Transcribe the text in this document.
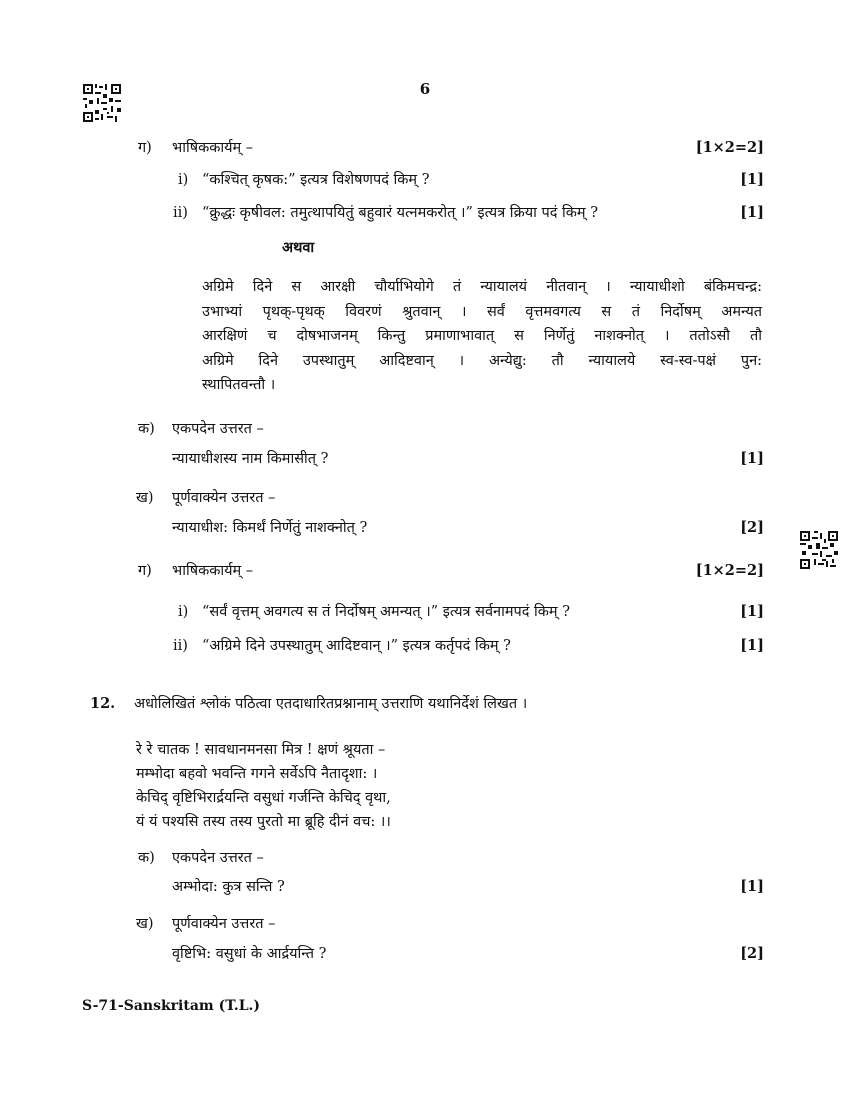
6
ग) भाषिककार्यम् –	[1×2=2]
i) “कश्चित् कृषक:” इत्यत्र विशेषणपदं किम् ?	[1]
ii) “क्रुद्धः कृषीवल: तमुत्थापयितुं बहुवारं यत्नमकरोत् ।” इत्यत्र क्रिया पदं किम् ?	[1]
अथवा
अग्रिमे दिने स आरक्षी चौर्याभियोगे तं न्यायालयं नीतवान् । न्यायाधीशो बंकिमचन्द्र:
उभाभ्यां पृथक्-पृथक् विवरणं श्रुतवान् । सर्वं वृत्तमवगत्य स तं निर्दोषम् अमन्यत
आरक्षिणं च दोषभाजनम् किन्तु प्रमाणाभावात् स निर्णेतुं नाशक्नोत् । ततोऽसौ तौ
अग्रिमे दिने उपस्थातुम् आदिष्टवान् । अन्येद्यु: तौ न्यायालये स्व-स्व-पक्षं पुन:
स्थापितवन्तौ ।
क) एकपदेन उत्तरत –
न्यायाधीशस्य नाम किमासीत् ?	[1]
ख) पूर्णवाक्येन उत्तरत –
न्यायाधीश: किमर्थं निर्णेतुं नाशक्नोत् ?	[2]
ग) भाषिककार्यम् –	[1×2=2]
i) “सर्वं वृत्तम् अवगत्य स तं निर्दोषम् अमन्यत् ।” इत्यत्र सर्वनामपदं किम् ?	[1]
ii) “अग्रिमे दिने उपस्थातुम् आदिष्टवान् ।” इत्यत्र कर्तृपदं किम् ?	[1]
12. अधोलिखितं श्लोकं पठित्वा एतदाधारितप्रश्नानाम् उत्तराणि यथानिर्देशं लिखत ।
रे रे चातक ! सावधानमनसा मित्र ! क्षणं श्रूयता –
मम्भोदा बहवो भवन्ति गगने सर्वेऽपि नैतादृशा: ।
केचिद् वृष्टिभिरार्द्रयन्ति वसुधां गर्जन्ति केचिद् वृथा,
यं यं पश्यसि तस्य तस्य पुरतो मा ब्रूहि दीनं वच: ।।
क) एकपदेन उत्तरत –
अम्भोदा: कुत्र सन्ति ?	[1]
ख) पूर्णवाक्येन उत्तरत –
वृष्टिभि: वसुधां के आर्द्रयन्ति ?	[2]
S-71-Sanskritam (T.L.)
